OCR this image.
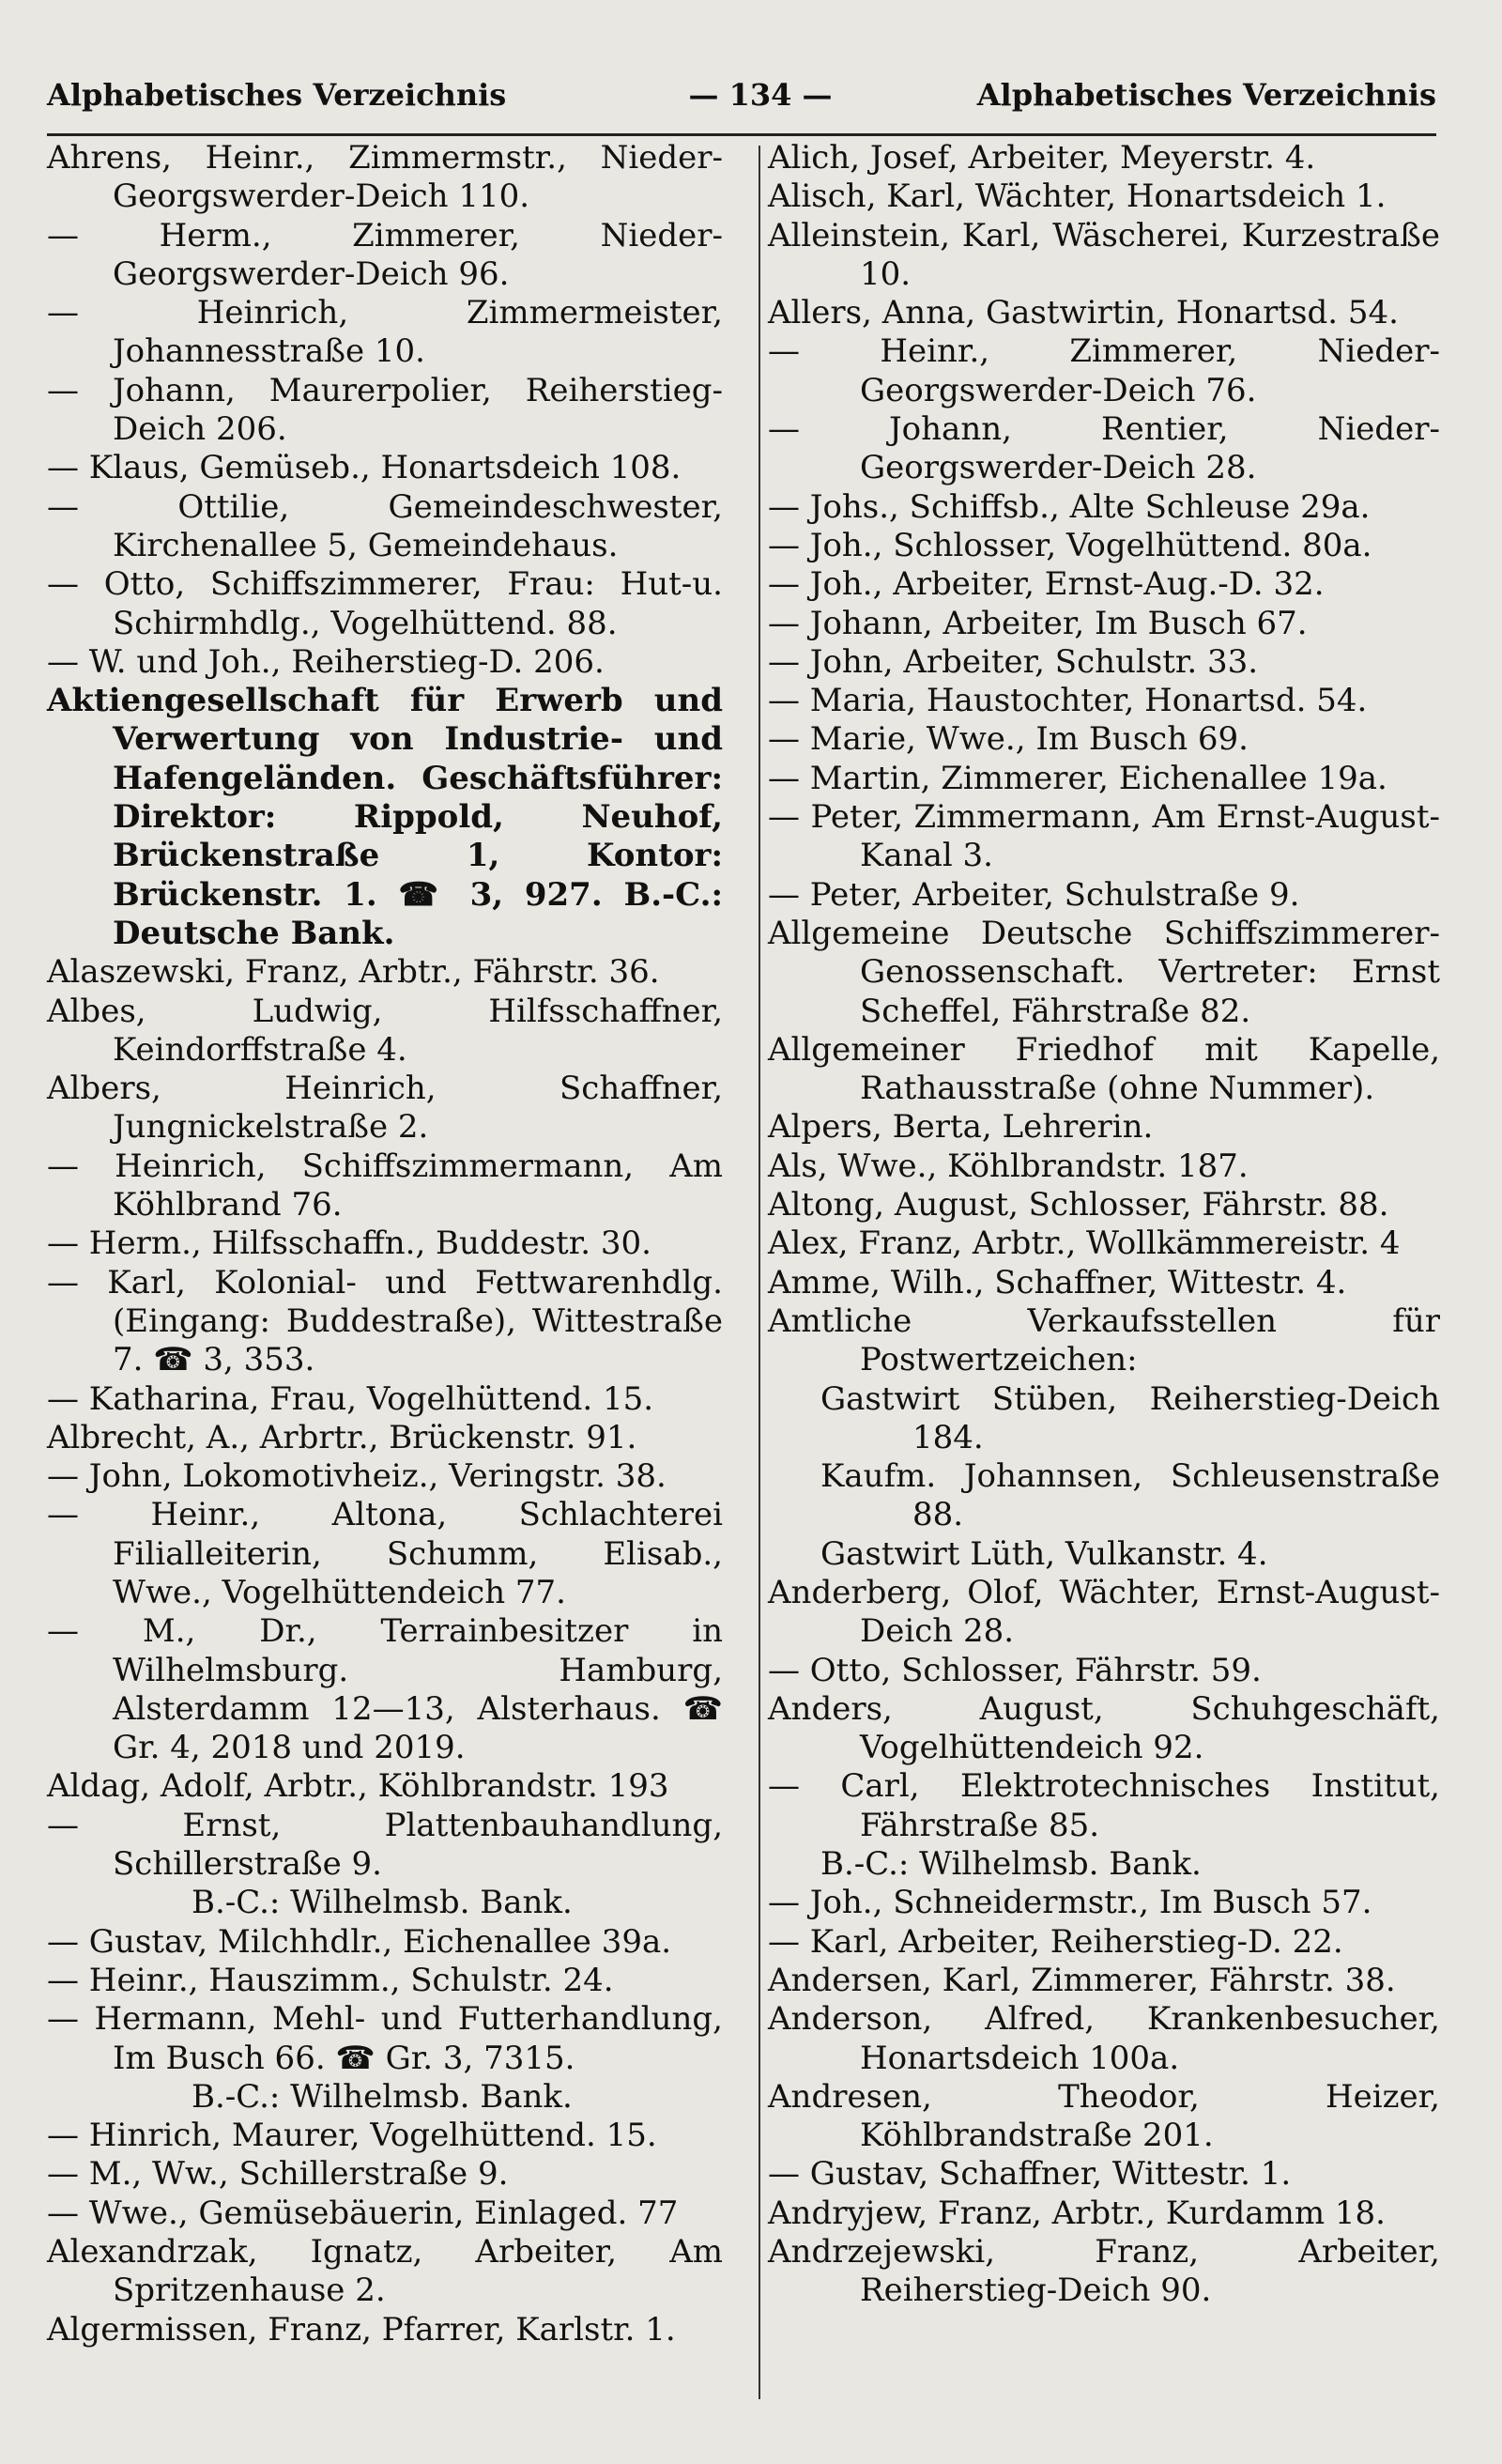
Alphabetisches Verzeichnis	— 134 —	Alphabetisches Verzeichnis
Ahrens, Heinr., Zimmermstr., Nieder-Georgswerder-Deich 110.
— Herm., Zimmerer, Nieder-Georgswerder-Deich 96.
— Heinrich, Zimmermeister, Johannesstraße 10.
— Johann, Maurerpolier, Reiherstieg-Deich 206.
— Klaus, Gemüseb., Honartsdeich 108.
— Ottilie, Gemeindeschwester, Kirchenallee 5, Gemeindehaus.
— Otto, Schiffszimmerer, Frau: Hut-u. Schirmhdlg., Vogelhüttend. 88.
— W. und Joh., Reiherstieg-D. 206.
Aktiengesellschaft für Erwerb und Verwertung von Industrie- und Hafengeländen. Geschäftsführer: Direktor: Rippold, Neuhof, Brückenstraße 1, Kontor: Brückenstr. 1. ☎ 3, 927. B.-C.: Deutsche Bank.
Alaszewski, Franz, Arbtr., Fährstr. 36.
Albes, Ludwig, Hilfsschaffner, Keindorffstraße 4.
Albers, Heinrich, Schaffner, Jungnickelstraße 2.
— Heinrich, Schiffszimmermann, Am Köhlbrand 76.
— Herm., Hilfsschaffn., Buddestr. 30.
— Karl, Kolonial- und Fettwarenhdlg. (Eingang: Buddestraße), Wittestraße 7. ☎ 3, 353.
— Katharina, Frau, Vogelhüttend. 15.
Albrecht, A., Arbrtr., Brückenstr. 91.
— John, Lokomotivheiz., Veringstr. 38.
— Heinr., Altona, Schlachterei Filialleiterin, Schumm, Elisab., Wwe., Vogelhüttendeich 77.
— M., Dr., Terrainbesitzer in Wilhelmsburg. Hamburg, Alsterdamm 12—13, Alsterhaus. ☎ Gr. 4, 2018 und 2019.
Aldag, Adolf, Arbtr., Köhlbrandstr. 193
— Ernst, Plattenbauhandlung, Schillerstraße 9.
B.-C.: Wilhelmsb. Bank.
— Gustav, Milchhdlr., Eichenallee 39a.
— Heinr., Hauszimm., Schulstr. 24.
— Hermann, Mehl- und Futterhandlung, Im Busch 66. ☎ Gr. 3, 7315.
B.-C.: Wilhelmsb. Bank.
— Hinrich, Maurer, Vogelhüttend. 15.
— M., Ww., Schillerstraße 9.
— Wwe., Gemüsebäuerin, Einlaged. 77
Alexandrzak, Ignatz, Arbeiter, Am Spritzenhause 2.
Algermissen, Franz, Pfarrer, Karlstr. 1.
Alich, Josef, Arbeiter, Meyerstr. 4.
Alisch, Karl, Wächter, Honartsdeich 1.
Alleinstein, Karl, Wäscherei, Kurzestraße 10.
Allers, Anna, Gastwirtin, Honartsd. 54.
— Heinr., Zimmerer, Nieder-Georgswerder-Deich 76.
— Johann, Rentier, Nieder-Georgswerder-Deich 28.
— Johs., Schiffsb., Alte Schleuse 29a.
— Joh., Schlosser, Vogelhüttend. 80a.
— Joh., Arbeiter, Ernst-Aug.-D. 32.
— Johann, Arbeiter, Im Busch 67.
— John, Arbeiter, Schulstr. 33.
— Maria, Haustochter, Honartsd. 54.
— Marie, Wwe., Im Busch 69.
— Martin, Zimmerer, Eichenallee 19a.
— Peter, Zimmermann, Am Ernst-August-Kanal 3.
— Peter, Arbeiter, Schulstraße 9.
Allgemeine Deutsche Schiffszimmerer-Genossenschaft. Vertreter: Ernst Scheffel, Fährstraße 82.
Allgemeiner Friedhof mit Kapelle, Rathausstraße (ohne Nummer).
Alpers, Berta, Lehrerin.
Als, Wwe., Köhlbrandstr. 187.
Altong, August, Schlosser, Fährstr. 88.
Alex, Franz, Arbtr., Wollkämmereistr. 4
Amme, Wilh., Schaffner, Wittestr. 4.
Amtliche Verkaufsstellen für Postwertzeichen:
Gastwirt Stüben, Reiherstieg-Deich 184.
Kaufm. Johannsen, Schleusenstraße 88.
Gastwirt Lüth, Vulkanstr. 4.
Anderberg, Olof, Wächter, Ernst-August-Deich 28.
— Otto, Schlosser, Fährstr. 59.
Anders, August, Schuhgeschäft, Vogelhüttendeich 92.
— Carl, Elektrotechnisches Institut, Fährstraße 85.
B.-C.: Wilhelmsb. Bank.
— Joh., Schneidermstr., Im Busch 57.
— Karl, Arbeiter, Reiherstieg-D. 22.
Andersen, Karl, Zimmerer, Fährstr. 38.
Anderson, Alfred, Krankenbesucher, Honartsdeich 100a.
Andresen, Theodor, Heizer, Köhlbrandstraße 201.
— Gustav, Schaffner, Wittestr. 1.
Andryjew, Franz, Arbtr., Kurdamm 18.
Andrzejewski, Franz, Arbeiter, Reiherstieg-Deich 90.
